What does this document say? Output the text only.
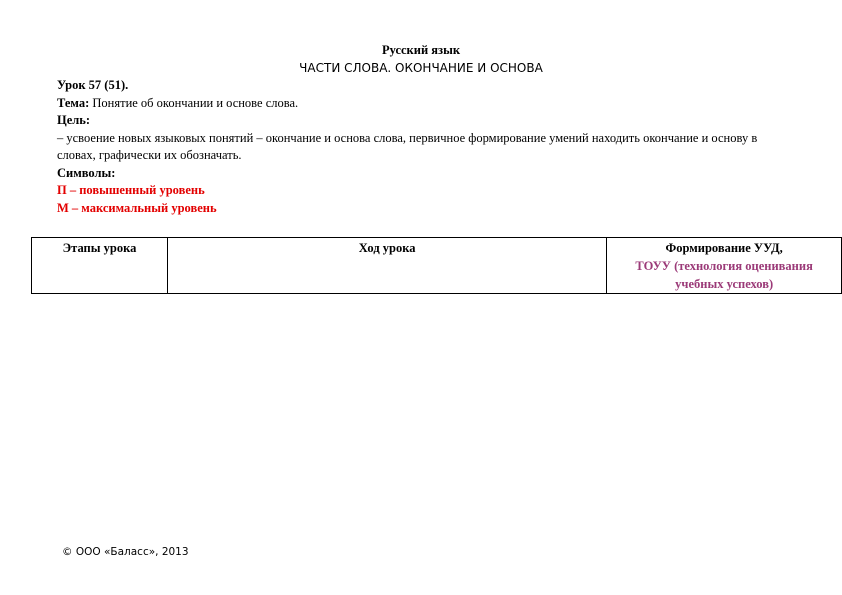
Русский язык
ЧАСТИ СЛОВА. ОКОНЧАНИЕ И ОСНОВА
Урок 57 (51).
Тема: Понятие об окончании и основе слова.
Цель:
– усвоение новых языковых понятий – окончание и основа слова, первичное формирование умений находить окончание и основу в словах, графически их обозначать.
Символы:
П – повышенный уровень
М – максимальный уровень
Этапы урока	Ход урока	Формирование УУД,
ТОУУ (технология оценивания учебных успехов)
© ООО «Баласс», 2013
